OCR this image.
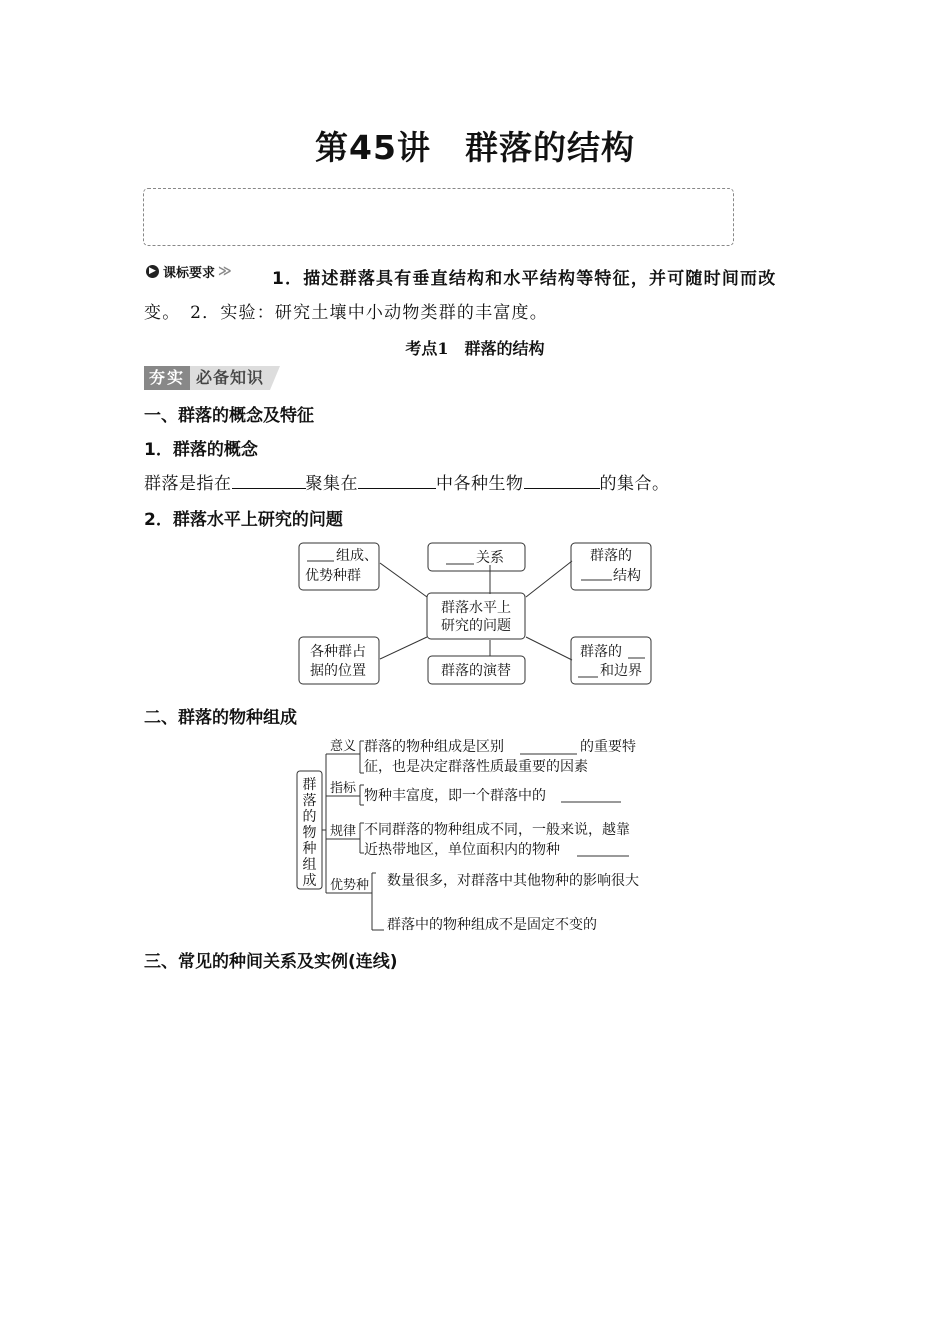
第45讲　群落的结构
▶ 课标要求 ≫ 1．描述群落具有垂直结构和水平结构等特征，并可随时间而改
变。　2．实验：研究土壤中小动物类群的丰富度。
考点1　群落的结构
夯实 必备知识
一、群落的概念及特征
1．群落的概念
群落是指在	聚集在	中各种生物	的集合。
2．群落水平上研究的问题
群落水平上
研究的问题
组成、
优势种群
关系	群落的
结构
各种群占
据的位置	群落的演替
群落的
和边界
二、群落的物种组成
群
落
的
物
种
组
成
意义
指标
规律
优势种
群落的物种组成是区别	的重要特
征，也是决定群落性质最重要的因素
物种丰富度，即一个群落中的
不同群落的物种组成不同，一般来说，越靠
近热带地区，单位面积内的物种
数量很多，对群落中其他物种的影响很大
群落中的物种组成不是固定不变的
三、常见的种间关系及实例(连线)
